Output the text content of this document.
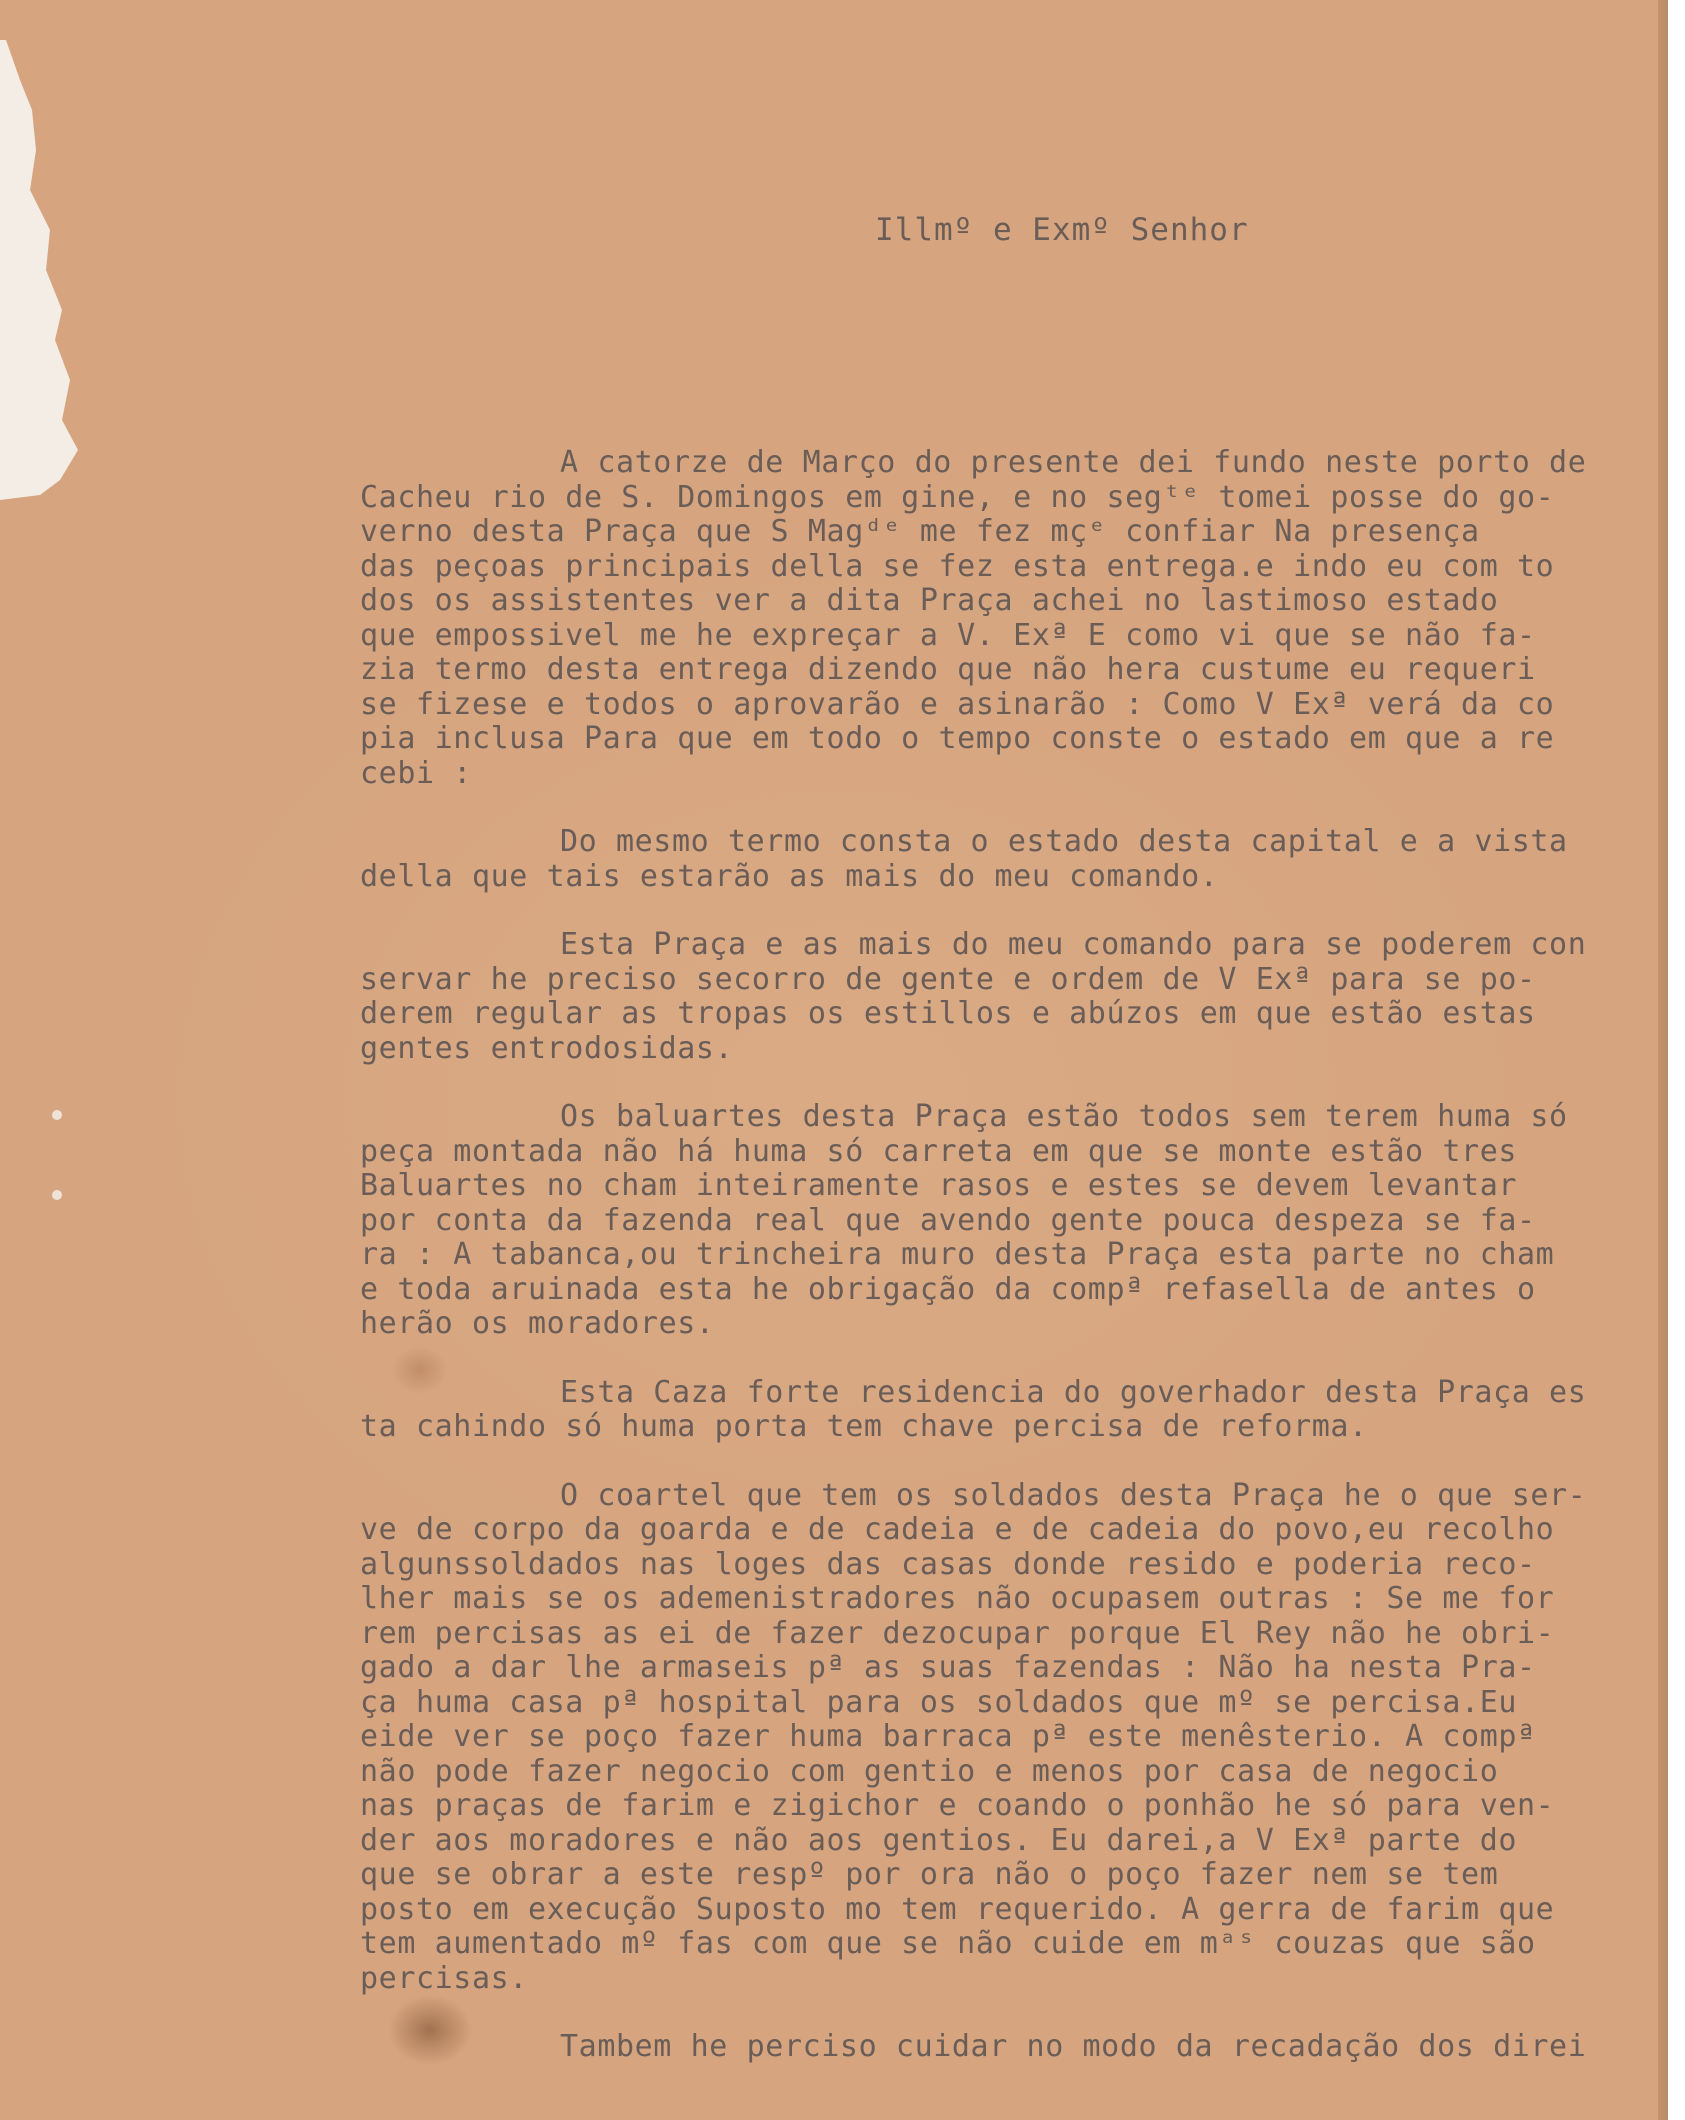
Illmº e Exmº Senhor
A catorze de Março do presente dei fundo neste porto de
Cacheu rio de S. Domingos em gine, e no segᵗᵉ tomei posse do go-
verno desta Praça que S Magᵈᵉ me fez mçᵉ confiar Na presença
das peçoas principais della se fez esta entrega.e indo eu com to
dos os assistentes ver a dita Praça achei no lastimoso estado
que empossivel me he expreçar a V. Exª E como vi que se não fa-
zia termo desta entrega dizendo que não hera custume eu requeri
se fizese e todos o aprovarão e asinarão : Como V Exª verá da co
pia inclusa Para que em todo o tempo conste o estado em que a re
cebi :
Do mesmo termo consta o estado desta capital e a vista
della que tais estarão as mais do meu comando.
Esta Praça e as mais do meu comando para se poderem con
servar he preciso secorro de gente e ordem de V Exª para se po-
derem regular as tropas os estillos e abúzos em que estão estas
gentes entrodosidas.
Os baluartes desta Praça estão todos sem terem huma só
peça montada não há huma só carreta em que se monte estão tres
Baluartes no cham inteiramente rasos e estes se devem levantar
por conta da fazenda real que avendo gente pouca despeza se fa-
ra : A tabanca,ou trincheira muro desta Praça esta parte no cham
e toda aruinada esta he obrigação da compª refasella de antes o
herão os moradores.
Esta Caza forte residencia do goverhador desta Praça es
ta cahindo só huma porta tem chave percisa de reforma.
O coartel que tem os soldados desta Praça he o que ser-
ve de corpo da goarda e de cadeia e de cadeia do povo,eu recolho
algunssoldados nas loges das casas donde resido e poderia reco-
lher mais se os ademenistradores não ocupasem outras : Se me for
rem percisas as ei de fazer dezocupar porque El Rey não he obri-
gado a dar lhe armaseis pª as suas fazendas : Não ha nesta Pra-
ça huma casa pª hospital para os soldados que mº se percisa.Eu
eide ver se poço fazer huma barraca pª este menêsterio. A compª
não pode fazer negocio com gentio e menos por casa de negocio
nas praças de farim e zigichor e coando o ponhão he só para ven-
der aos moradores e não aos gentios. Eu darei,a V Exª parte do
que se obrar a este respº por ora não o poço fazer nem se tem
posto em execução Suposto mo tem requerido. A gerra de farim que
tem aumentado mº fas com que se não cuide em mᵃˢ couzas que são
percisas.
Tambem he perciso cuidar no modo da recadação dos direi
